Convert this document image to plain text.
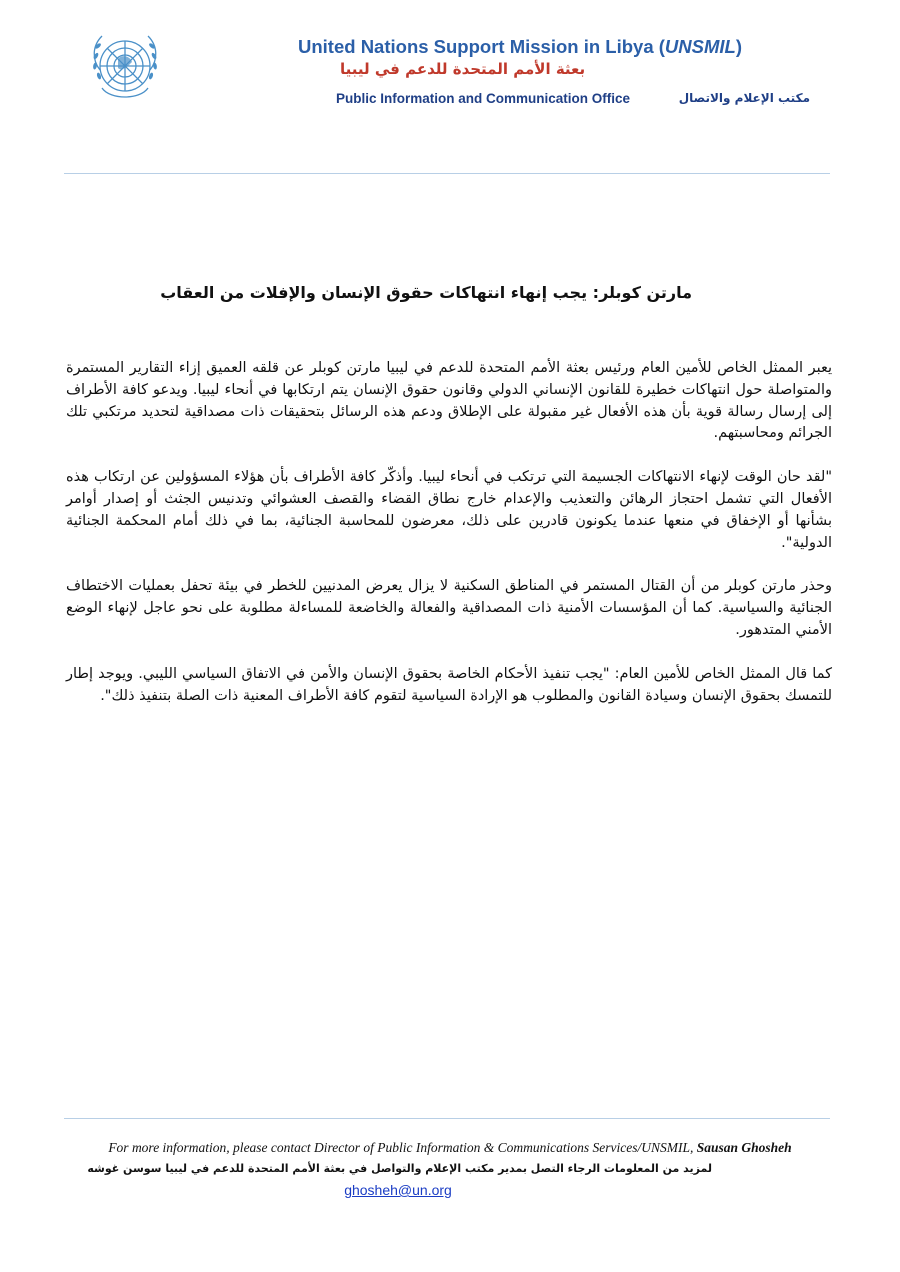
United Nations Support Mission in Libya (UNSMIL)
بعثة الأمم المتحدة للدعم في ليبيا
Public Information and Communication Office	مكتب الإعلام والاتصال
مارتن كوبلر: يجب إنهاء انتهاكات حقوق الإنسان والإفلات من العقاب

يعبر الممثل الخاص للأمين العام ورئيس بعثة الأمم المتحدة للدعم في ليبيا مارتن كوبلر عن قلقه العميق إزاء التقارير المستمرة والمتواصلة حول انتهاكات خطيرة للقانون الإنساني الدولي وقانون حقوق الإنسان يتم ارتكابها في أنحاء ليبيا. ويدعو كافة الأطراف إلى إرسال رسالة قوية بأن هذه الأفعال غير مقبولة على الإطلاق ودعم هذه الرسائل بتحقيقات ذات مصداقية لتحديد مرتكبي تلك الجرائم ومحاسبتهم.

"لقد حان الوقت لإنهاء الانتهاكات الجسيمة التي ترتكب في أنحاء ليبيا. وأذكّر كافة الأطراف بأن هؤلاء المسؤولين عن ارتكاب هذه الأفعال التي تشمل احتجاز الرهائن والتعذيب والإعدام خارج نطاق القضاء والقصف العشوائي وتدنيس الجثث أو إصدار أوامر بشأنها أو الإخفاق في منعها عندما يكونون قادرين على ذلك، معرضون للمحاسبة الجنائية، بما في ذلك أمام المحكمة الجنائية الدولية".

وحذر مارتن كوبلر من أن القتال المستمر في المناطق السكنية لا يزال يعرض المدنيين للخطر في بيئة تحفل بعمليات الاختطاف الجنائية والسياسية. كما أن المؤسسات الأمنية ذات المصداقية والفعالة والخاضعة للمساءلة مطلوبة على نحو عاجل لإنهاء الوضع الأمني المتدهور.

كما قال الممثل الخاص للأمين العام: "يجب تنفيذ الأحكام الخاصة بحقوق الإنسان والأمن في الاتفاق السياسي الليبي. ويوجد إطار للتمسك بحقوق الإنسان وسيادة القانون والمطلوب هو الإرادة السياسية لتقوم كافة الأطراف المعنية ذات الصلة بتنفيذ ذلك".

For more information, please contact Director of Public Information & Communications Services/UNSMIL, Sausan Ghosheh
لمزيد من المعلومات الرجاء التصل بمدير مكتب الإعلام والتواصل في بعثة الأمم المتحدة للدعم في ليبيا سوسن غوشه
ghosheh@un.org
